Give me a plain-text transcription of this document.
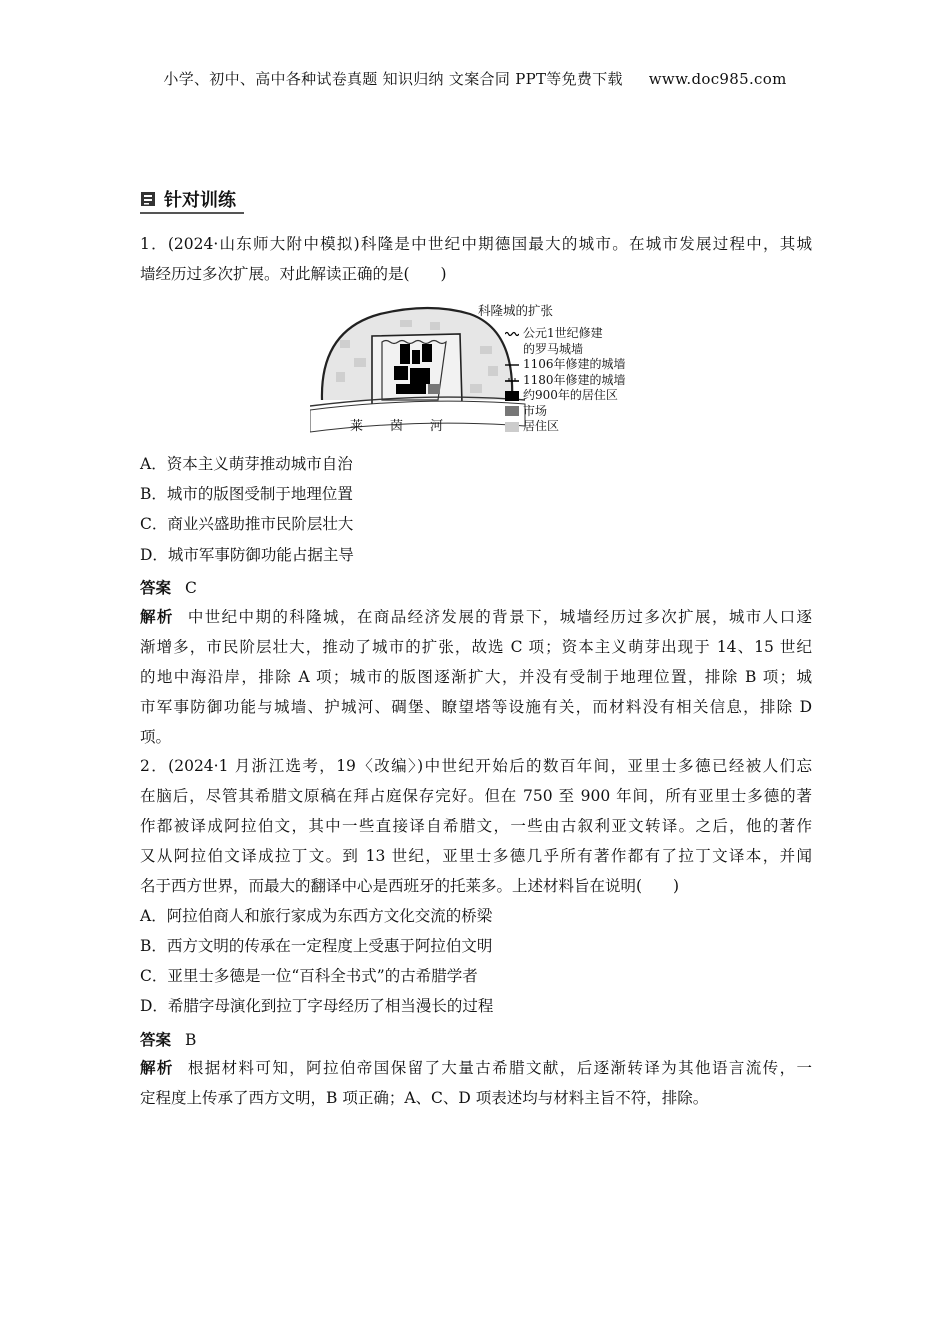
小学、初中、高中各种试卷真题 知识归纳 文案合同 PPT等免费下载 www.doc985.com
针对训练
1．(2024·山东师大附中模拟)科隆是中世纪中期德国最大的城市。在城市发展过程中，其城
墙经历过多次扩展。对此解读正确的是(　　)
科隆城的扩张
公元1世纪修建
的罗马城墙
1106年修建的城墙
1180年修建的城墙
约900年的居住区
市场
居住区
莱 茵 河
A．资本主义萌芽推动城市自治
B．城市的版图受制于地理位置
C．商业兴盛助推市民阶层壮大
D．城市军事防御功能占据主导
答案 C
解析 中世纪中期的科隆城，在商品经济发展的背景下，城墙经历过多次扩展，城市人口逐
渐增多，市民阶层壮大，推动了城市的扩张，故选 C 项；资本主义萌芽出现于 14、15 世纪
的地中海沿岸，排除 A 项；城市的版图逐渐扩大，并没有受制于地理位置，排除 B 项；城
市军事防御功能与城墙、护城河、碉堡、瞭望塔等设施有关，而材料没有相关信息，排除 D
项。
2．(2024·1 月浙江选考，19〈改编〉)中世纪开始后的数百年间，亚里士多德已经被人们忘
在脑后，尽管其希腊文原稿在拜占庭保存完好。但在 750 至 900 年间，所有亚里士多德的著
作都被译成阿拉伯文，其中一些直接译自希腊文，一些由古叙利亚文转译。之后，他的著作
又从阿拉伯文译成拉丁文。到 13 世纪，亚里士多德几乎所有著作都有了拉丁文译本，并闻
名于西方世界，而最大的翻译中心是西班牙的托莱多。上述材料旨在说明(　　)
A．阿拉伯商人和旅行家成为东西方文化交流的桥梁
B．西方文明的传承在一定程度上受惠于阿拉伯文明
C．亚里士多德是一位“百科全书式”的古希腊学者
D．希腊字母演化到拉丁字母经历了相当漫长的过程
答案 B
解析 根据材料可知，阿拉伯帝国保留了大量古希腊文献，后逐渐转译为其他语言流传，一
定程度上传承了西方文明，B 项正确；A、C、D 项表述均与材料主旨不符，排除。
